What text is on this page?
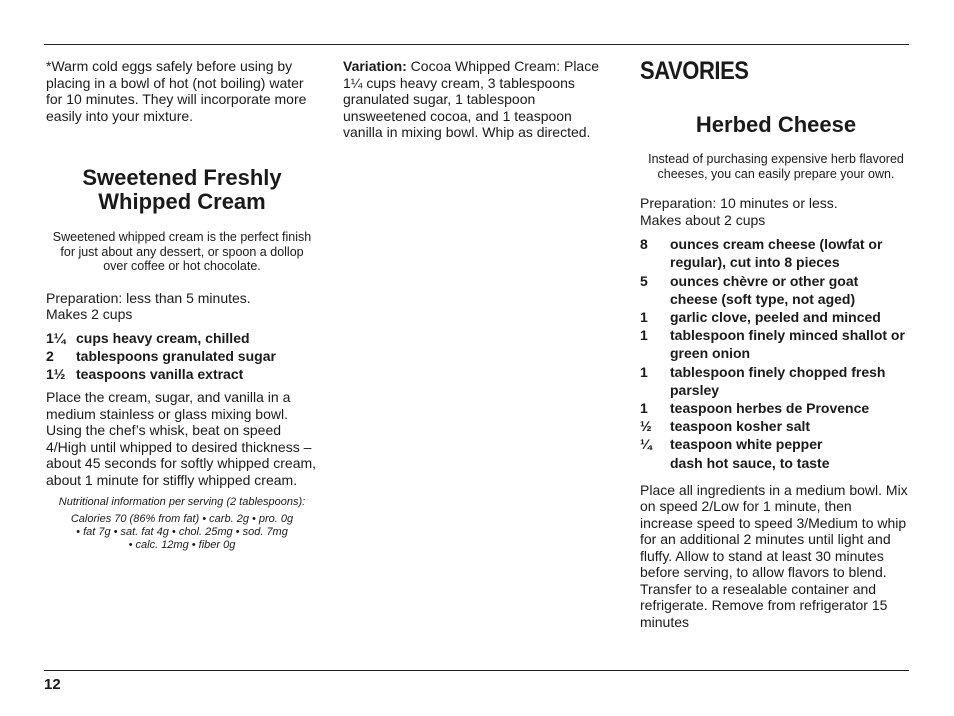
*Warm cold eggs safely before using by placing in a bowl of hot (not boiling) water for 10 minutes. They will incorporate more easily into your mixture.

Sweetened Freshly

Whipped Cream

Sweetened whipped cream is the perfect finish for just about any dessert, or spoon a dollop over coffee or hot chocolate.

Preparation: less than 5 minutes.

Makes 2 cups

1¼ cups heavy cream, chilled
2	tablespoons granulated sugar
1½ teaspoons vanilla extract

Place the cream, sugar, and vanilla in a medium stainless or glass mixing bowl. Using the chef’s whisk, beat on speed 4/High until whipped to desired thickness – about 45 seconds for softly whipped cream, about 1 minute for stiffly whipped cream.

Nutritional information per serving (2 tablespoons):

Calories 70 (86% from fat) • carb. 2g • pro. 0g

• fat 7g • sat. fat 4g • chol. 25mg • sod. 7mg

• calc. 12mg • fiber 0g

Variation: Cocoa Whipped Cream: Place 1¼ cups heavy cream, 3 tablespoons granulated sugar, 1 tablespoon unsweetened cocoa, and 1 teaspoon vanilla in mixing bowl. Whip as directed.

SAVORIES

Herbed Cheese

Instead of purchasing expensive herb flavored cheeses, you can easily prepare your own.

Preparation: 10 minutes or less.

Makes about 2 cups

8	ounces cream cheese (lowfat or regular), cut into 8 pieces
5	ounces chèvre or other goat cheese (soft type, not aged)
1	garlic clove, peeled and minced
1	tablespoon finely minced shallot or green onion
1	tablespoon finely chopped fresh parsley
1	teaspoon herbes de Provence
½	teaspoon kosher salt
¼	teaspoon white pepper
dash hot sauce, to taste

Place all ingredients in a medium bowl. Mix on speed 2/Low for 1 minute, then increase speed to speed 3/Medium to whip for an additional 2 minutes until light and fluffy. Allow to stand at least 30 minutes before serving, to allow flavors to blend. Transfer to a resealable container and refrigerate. Remove from refrigerator 15 minutes

12
